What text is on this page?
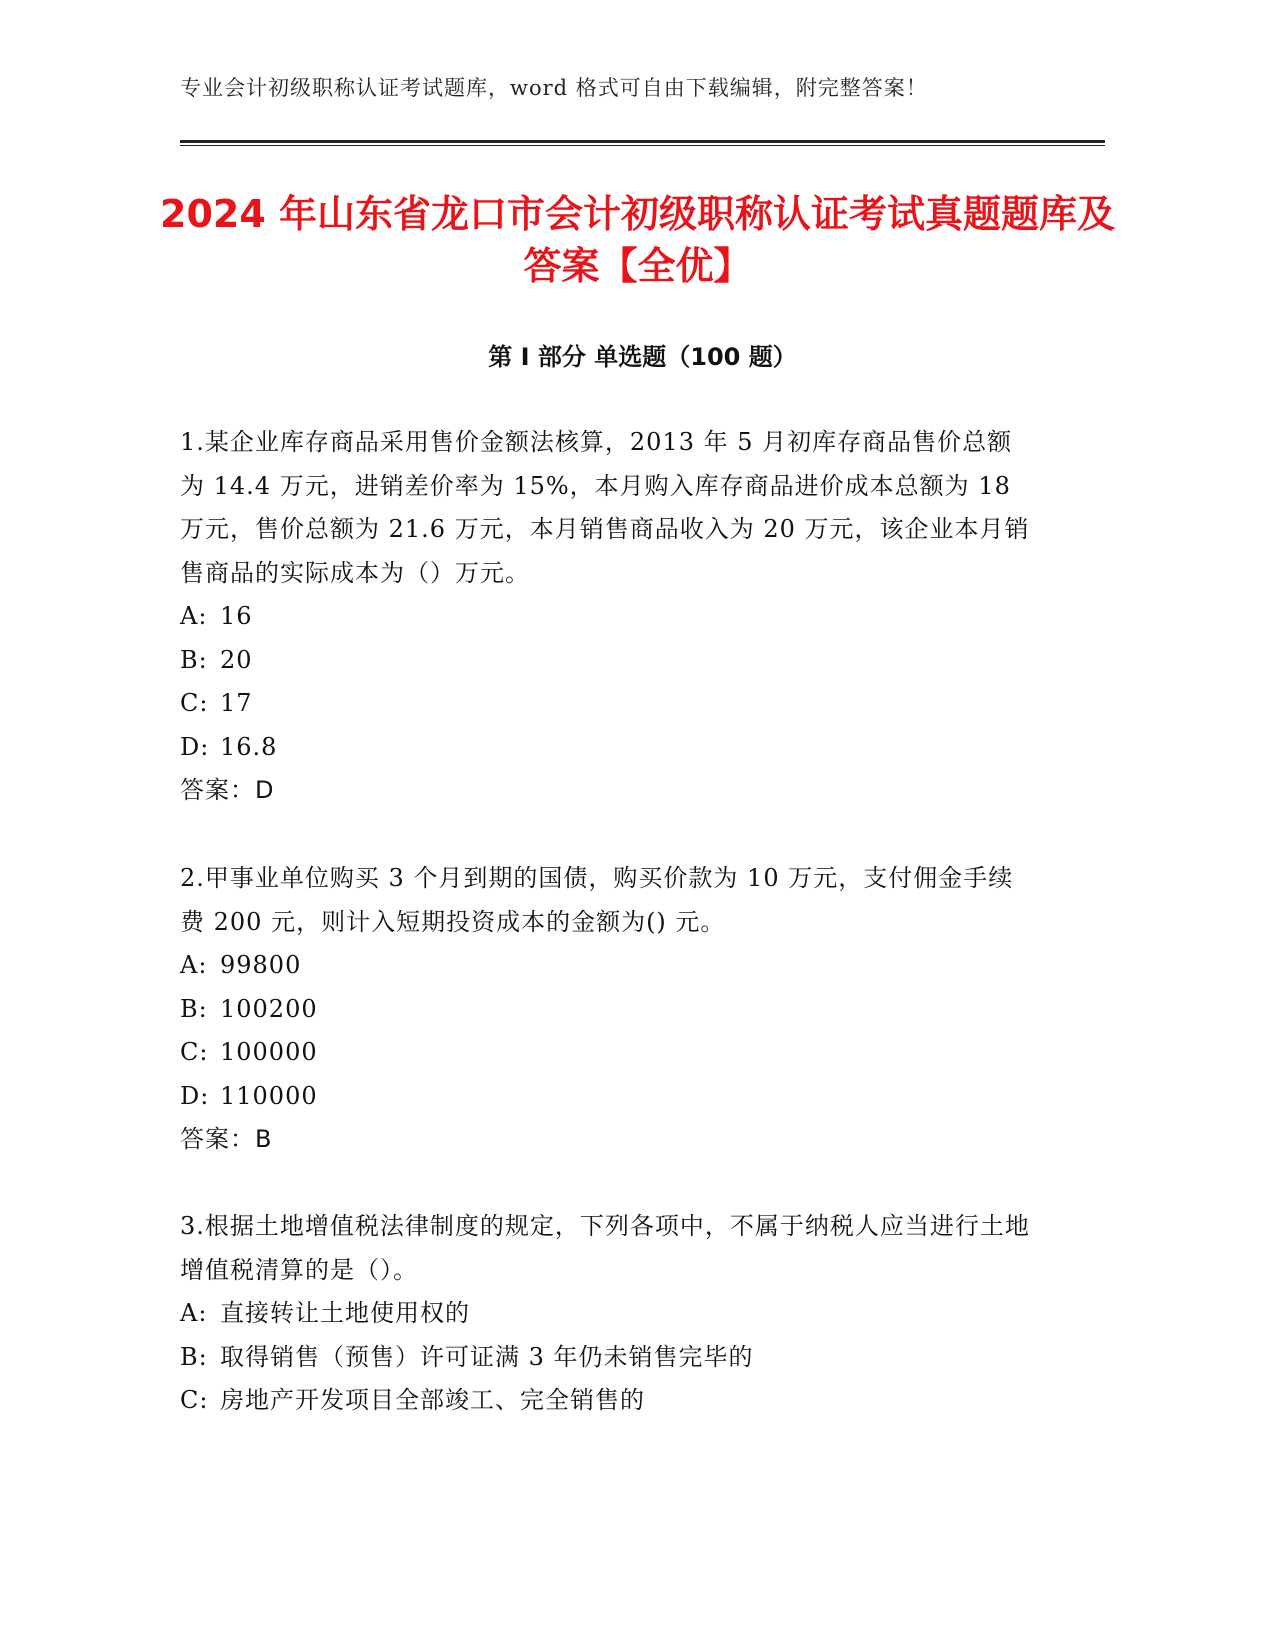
专业会计初级职称认证考试题库，word 格式可自由下载编辑，附完整答案！
2024 年山东省龙口市会计初级职称认证考试真题题库及答案【全优】
第 I 部分 单选题（100 题）

1.某企业库存商品采用售价金额法核算，2013 年 5 月初库存商品售价总额为 14.4 万元，进销差价率为 15%，本月购入库存商品进价成本总额为 18 万元，售价总额为 21.6 万元，本月销售商品收入为 20 万元，该企业本月销售商品的实际成本为（）万元。

A: 16

B: 20

C: 17

D: 16.8

答案：D

2.甲事业单位购买 3 个月到期的国债，购买价款为 10 万元，支付佣金手续费 200 元，则计入短期投资成本的金额为() 元。

A: 99800

B: 100200

C: 100000

D: 110000

答案：B

3.根据土地增值税法律制度的规定，下列各项中，不属于纳税人应当进行土地增值税清算的是（）。

A: 直接转让土地使用权的

B: 取得销售（预售）许可证满 3 年仍未销售完毕的

C: 房地产开发项目全部竣工、完全销售的
